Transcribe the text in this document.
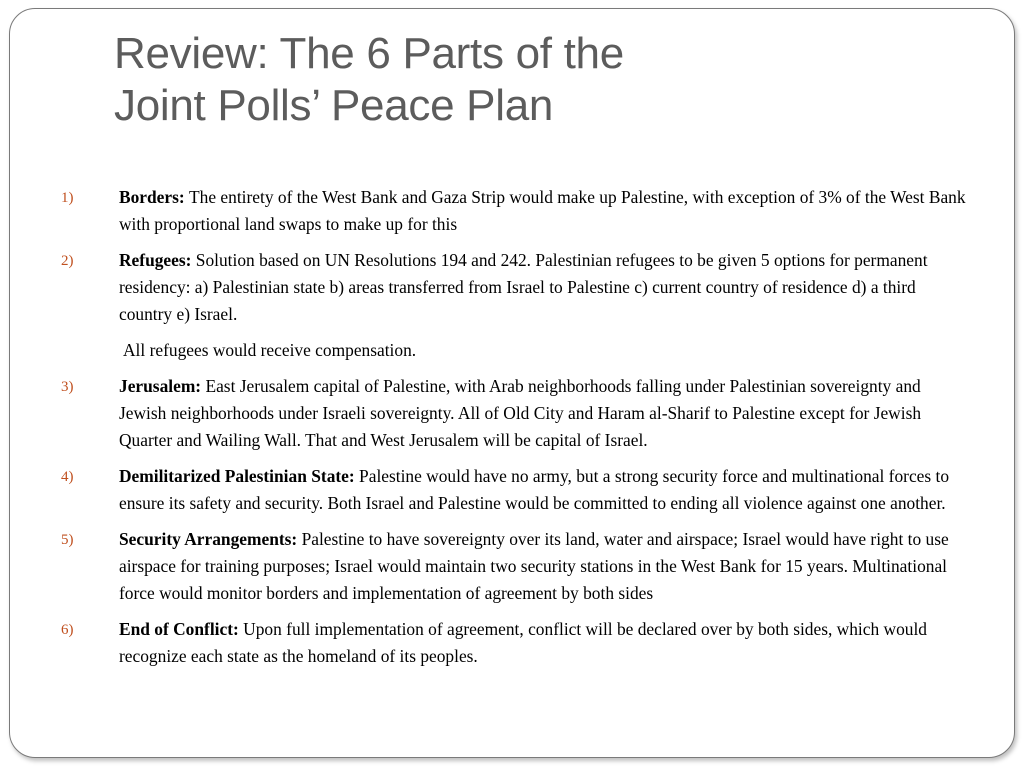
Review: The 6 Parts of the
Joint Polls’ Peace Plan
1)	Borders: The entirety of the West Bank and Gaza Strip would make up Palestine, with exception of 3% of the West Bank with proportional land swaps to make up for this
2)	Refugees: Solution based on UN Resolutions 194 and 242. Palestinian refugees to be given 5 options for permanent residency: a) Palestinian state b) areas transferred from Israel to Palestine c) current country of residence d) a third country e) Israel.
All refugees would receive compensation.
3)	Jerusalem: East Jerusalem capital of Palestine, with Arab neighborhoods falling under Palestinian sovereignty and Jewish neighborhoods under Israeli sovereignty. All of Old City and Haram al-Sharif to Palestine except for Jewish Quarter and Wailing Wall. That and West Jerusalem will be capital of Israel.
4)	Demilitarized Palestinian State: Palestine would have no army, but a strong security force and multinational forces to ensure its safety and security. Both Israel and Palestine would be committed to ending all violence against one another.
5)	Security Arrangements: Palestine to have sovereignty over its land, water and airspace; Israel would have right to use airspace for training purposes; Israel would maintain two security stations in the West Bank for 15 years. Multinational force would monitor borders and implementation of agreement by both sides
6)	End of Conflict: Upon full implementation of agreement, conflict will be declared over by both sides, which would recognize each state as the homeland of its peoples.
